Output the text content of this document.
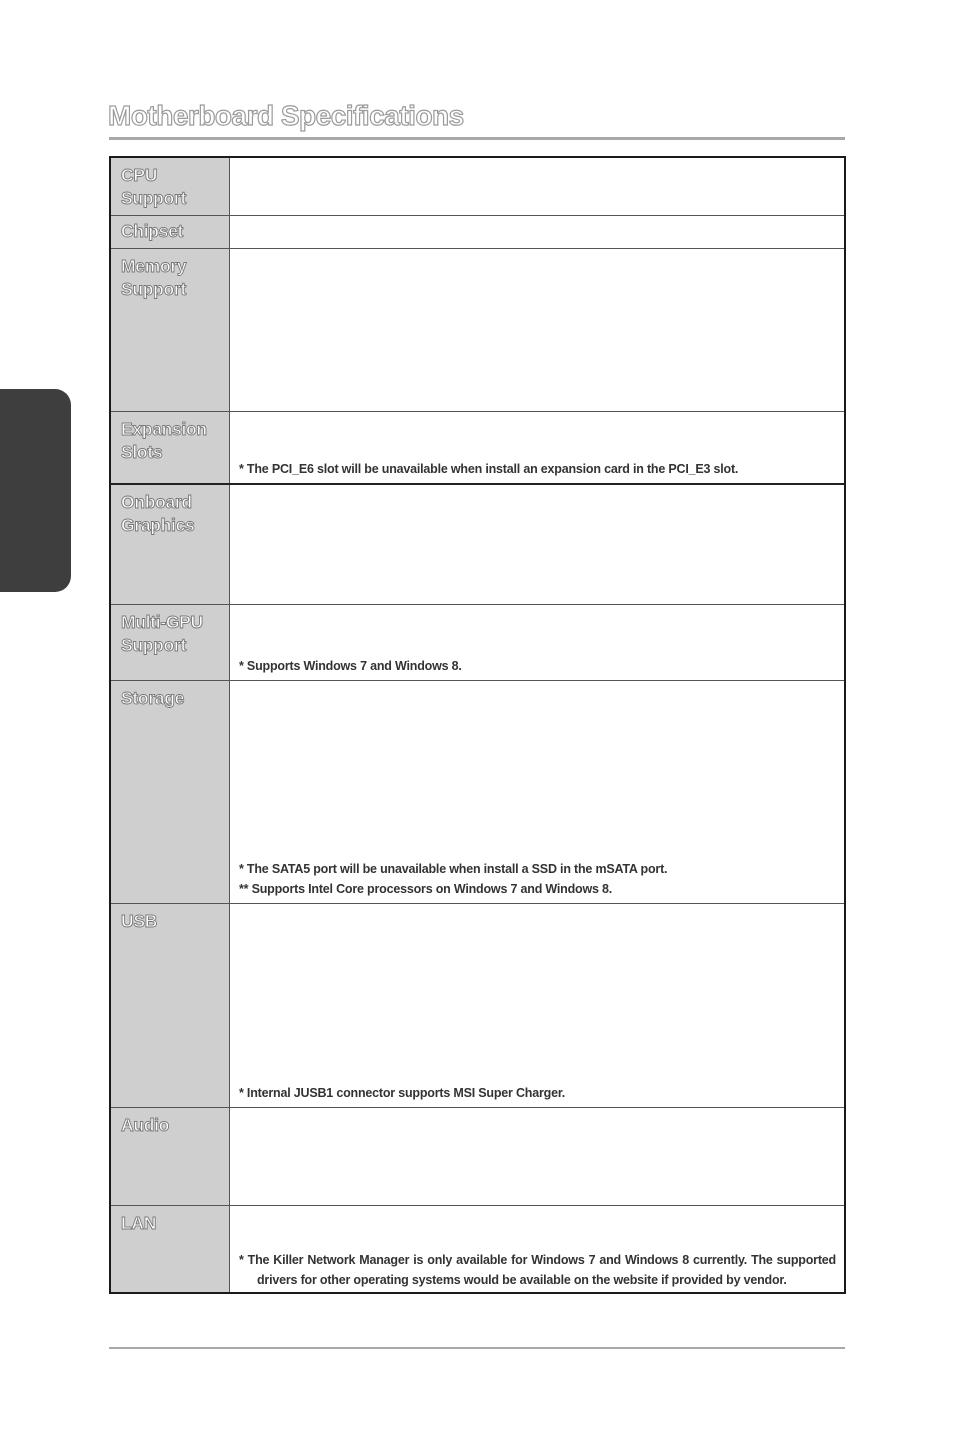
Motherboard Specifications
CPU
Support
Chipset
Memory
Support
Expansion
Slots
* The PCI_E6 slot will be unavailable when install an expansion card in the PCI_E3 slot.
Onboard
Graphics
Multi-GPU
Support
* Supports Windows 7 and Windows 8.
Storage
* The SATA5 port will be unavailable when install a SSD in the mSATA port.
** Supports Intel Core processors on Windows 7 and Windows 8.
USB
* Internal JUSB1 connector supports MSI Super Charger.
Audio
LAN
* The Killer Network Manager is only available for Windows 7 and Windows 8 currently. The supported drivers for other operating systems would be available on the website if provided by vendor.
